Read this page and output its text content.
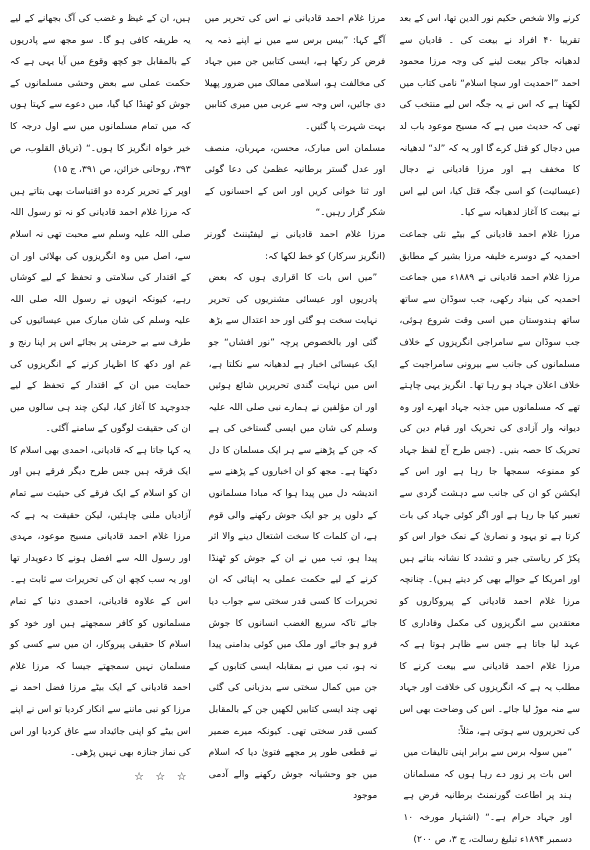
کرنے والا شخص حکیم نور الدین تھا، اس کے بعد تقریبا ۴۰ افراد نے بیعت کی ۔ قادیان سے لدھیانہ جاکر بیعت لینے کی وجہ مرزا محمود احمد ”احمدیت اور سچا اسلام“ نامی کتاب میں لکھتا ہے کہ اس نے یہ جگہ اس لیے منتخب کی تھی کہ حدیث میں ہے کہ مسیح موعود باب لد میں دجال کو قتل کرے گا اور یہ کہ ”لد“ لدھیانہ کا مخفف ہے اور مرزا قادیانی نے دجال (عیسائیت) کو اسی جگہ قتل کیا، اس لیے اس نے بیعت کا آغاز لدھیانہ سے کیا۔

مرزا غلام احمد قادیانی کے بیٹے نئی جماعت احمدیہ کے دوسرے خلیفہ مرزا بشیر کے مطابق مرزا غلام احمد قادیانی نے ۱۸۸۹ء میں جماعت احمدیہ کی بنیاد رکھی، جب سوڈان سے ساتھ ساتھ ہندوستان میں اسی وقت شروع ہوئی، جب سوڈان سے سامراجی انگریزوں کے خلاف مسلمانوں کی جانب سے بیرونی سامراجیت کے خلاف اعلان جہاد ہو رہا تھا۔ انگریز یہی چاہتے تھے کہ مسلمانوں میں جذبہ جہاد ابھرے اور وہ دیوانہ وار آزادی کی تحریک اور قیام دین کی تحریک کا حصہ بنیں۔ (جس طرح آج لفظ جہاد کو ممنوعہ سمجھا جا رہا ہے اور اس کے ایکشن کو ان کی جانب سے دہشت گردی سے تعبیر کیا جا رہا ہے اور اگر کوئی جہاد کی بات کرتا ہے تو یہود و نصاریٰ کے نمک خوار اس کو پکڑ کر ریاستی جبر و تشدد کا نشانہ بناتے ہیں اور امریکا کے حوالے بھی کر دیتے ہیں)۔ چنانچہ مرزا غلام احمد قادیانی کے پیروکاروں کو معتقدین سے انگریزوں کی مکمل وفاداری کا عہد لیا جاتا ہے جس سے ظاہر ہوتا ہے کہ مرزا غلام احمد قادیانی سے بیعت کرنے کا مطلب یہ ہے کہ انگریزوں کی خلافت اور جہاد سے منہ موڑ لیا جائے۔ اس کی وضاحت بھی اس کی تحریروں سے ہوتی ہے، مثلاً:

”میں سولہ برس سے برابر اپنی تالیفات میں اس بات پر زور دے رہا ہوں کہ مسلمانان ہند پر اطاعت گورنمنٹ برطانیہ فرض ہے اور جہاد حرام ہے۔“ (اشتہار مورخہ ۱۰ دسمبر ۱۸۹۴ء تبلیغ رسالت، ج ۳، ص ۲۰۰)

مرزا غلام احمد قادیانی نے اس کی تحریر میں آگے کہا: ”بیس برس سے میں نے اپنے ذمہ یہ فرض کر رکھا ہے، ایسی کتابیں جن میں جہاد کی مخالفت ہو، اسلامی ممالک میں ضرور پھیلا دی جائیں، اس وجہ سے عربی میں میری کتابیں بہت شہرت پا گئیں۔

مسلمان اس مبارک، محسن، مہربان، منصف اور عدل گستر برطانیہ عظمیٰ کی دعا گوئی اور ثنا خوانی کریں اور اس کے احسانوں کے شکر گزار رہیں۔“

مرزا غلام احمد قادیانی نے لیفٹیننٹ گورنر (انگریز سرکار) کو خط لکھا کہ:

”میں اس بات کا اقراری ہوں کہ بعض پادریوں اور عیسائی مشنریوں کی تحریر نہایت سخت ہو گئی اور حد اعتدال سے بڑھ گئی اور بالخصوص پرچہ ”نور افشاں“ جو ایک عیسائی اخبار ہے لدھیانہ سے نکلتا ہے، اس میں نہایت گندی تحریریں شائع ہوئیں اور ان مؤلفین نے ہمارے نبی صلی اللہ علیہ وسلم کی شان میں ایسی گستاخی کی ہے کہ جن کے پڑھنے سے ہر ایک مسلمان کا دل دکھتا ہے۔ مجھ کو ان اخباروں کے پڑھنے سے اندیشہ دل میں پیدا ہوا کہ مبادا مسلمانوں کے دلوں پر جو ایک جوش رکھنے والی قوم ہے، ان کلمات کا سخت اشتعال دینے والا اثر پیدا ہو، تب میں نے ان کے جوش کو ٹھنڈا کرنے کے لیے حکمت عملی یہ اپنائی کہ ان تحریرات کا کسی قدر سختی سے جواب دیا جائے تاکہ سریع الغضب انسانوں کا جوش فرو ہو جائے اور ملک میں کوئی بدامنی پیدا نہ ہو، تب میں نے بمقابلہ ایسی کتابوں کے جن میں کمال سختی سے بدزبانی کی گئی تھی چند ایسی کتابیں لکھیں جن کے بالمقابل کسی قدر سختی تھی۔ کیونکہ میرے ضمیر نے قطعی طور پر مجھے فتویٰ دیا کہ اسلام میں جو وحشیانہ جوش رکھنے والے آدمی موجود

ہیں، ان کے غیظ و غضب کی آگ بجھانے کے لیے یہ طریقہ کافی ہو گا۔ سو مجھ سے پادریوں کے بالمقابل جو کچھ وقوع میں آیا یہی ہے کہ حکمت عملی سے بعض وحشی مسلمانوں کے جوش کو ٹھنڈا کیا گیا، میں دعوے سے کہتا ہوں کہ میں تمام مسلمانوں میں سے اول درجہ کا خیر خواہ انگریز کا ہوں۔“ (تریاق القلوب، ص ۳۹۳، روحانی خزائن، ص ۳۹۱، ج ۱۵)

اوپر کے تحریر کردہ دو اقتباسات بھی بتاتے ہیں کہ مرزا غلام احمد قادیانی کو نہ تو رسول اللہ صلی اللہ علیہ وسلم سے محبت تھی نہ اسلام سے، اصل میں وہ انگریزوں کی بھلائی اور ان کے اقتدار کی سلامتی و تحفظ کے لیے کوشاں رہے، کیونکہ انہوں نے رسول اللہ صلی اللہ علیہ وسلم کی شان مبارک میں عیسائیوں کی طرف سے بے حرمتی پر بجائے اس پر اپنا رنج و غم اور دکھ کا اظہار کرنے کے انگریزوں کی حمایت میں ان کے اقتدار کے تحفظ کے لیے جدوجہد کا آغاز کیا، لیکن چند ہی سالوں میں ان کی حقیقت لوگوں کے سامنے آگئی۔

یہ کہا جاتا ہے کہ قادیانی، احمدی بھی اسلام کا ایک فرقہ ہیں جس طرح دیگر فرقے ہیں اور ان کو اسلام کے ایک فرقے کی حیثیت سے تمام آزادیاں ملنی چاہئیں، لیکن حقیقت یہ ہے کہ مرزا غلام احمد قادیانی مسیح موعود، مہدی اور رسول اللہ سے افضل ہونے کا دعویدار تھا اور یہ سب کچھ ان کی تحریرات سے ثابت ہے۔ اس کے علاوہ قادیانی، احمدی دنیا کے تمام مسلمانوں کو کافر سمجھتے ہیں اور خود کو اسلام کا حقیقی پیروکار، ان میں سے کسی کو مسلمان نہیں سمجھتے جیسا کہ مرزا غلام احمد قادیانی کے ایک بیٹے مرزا فضل احمد نے مرزا کو نبی ماننے سے انکار کردیا تو اس نے اپنے اس بیٹے کو اپنی جائیداد سے عاق کردیا اور اس کی نماز جنازہ بھی نہیں پڑھی۔

☆ ☆ ☆
